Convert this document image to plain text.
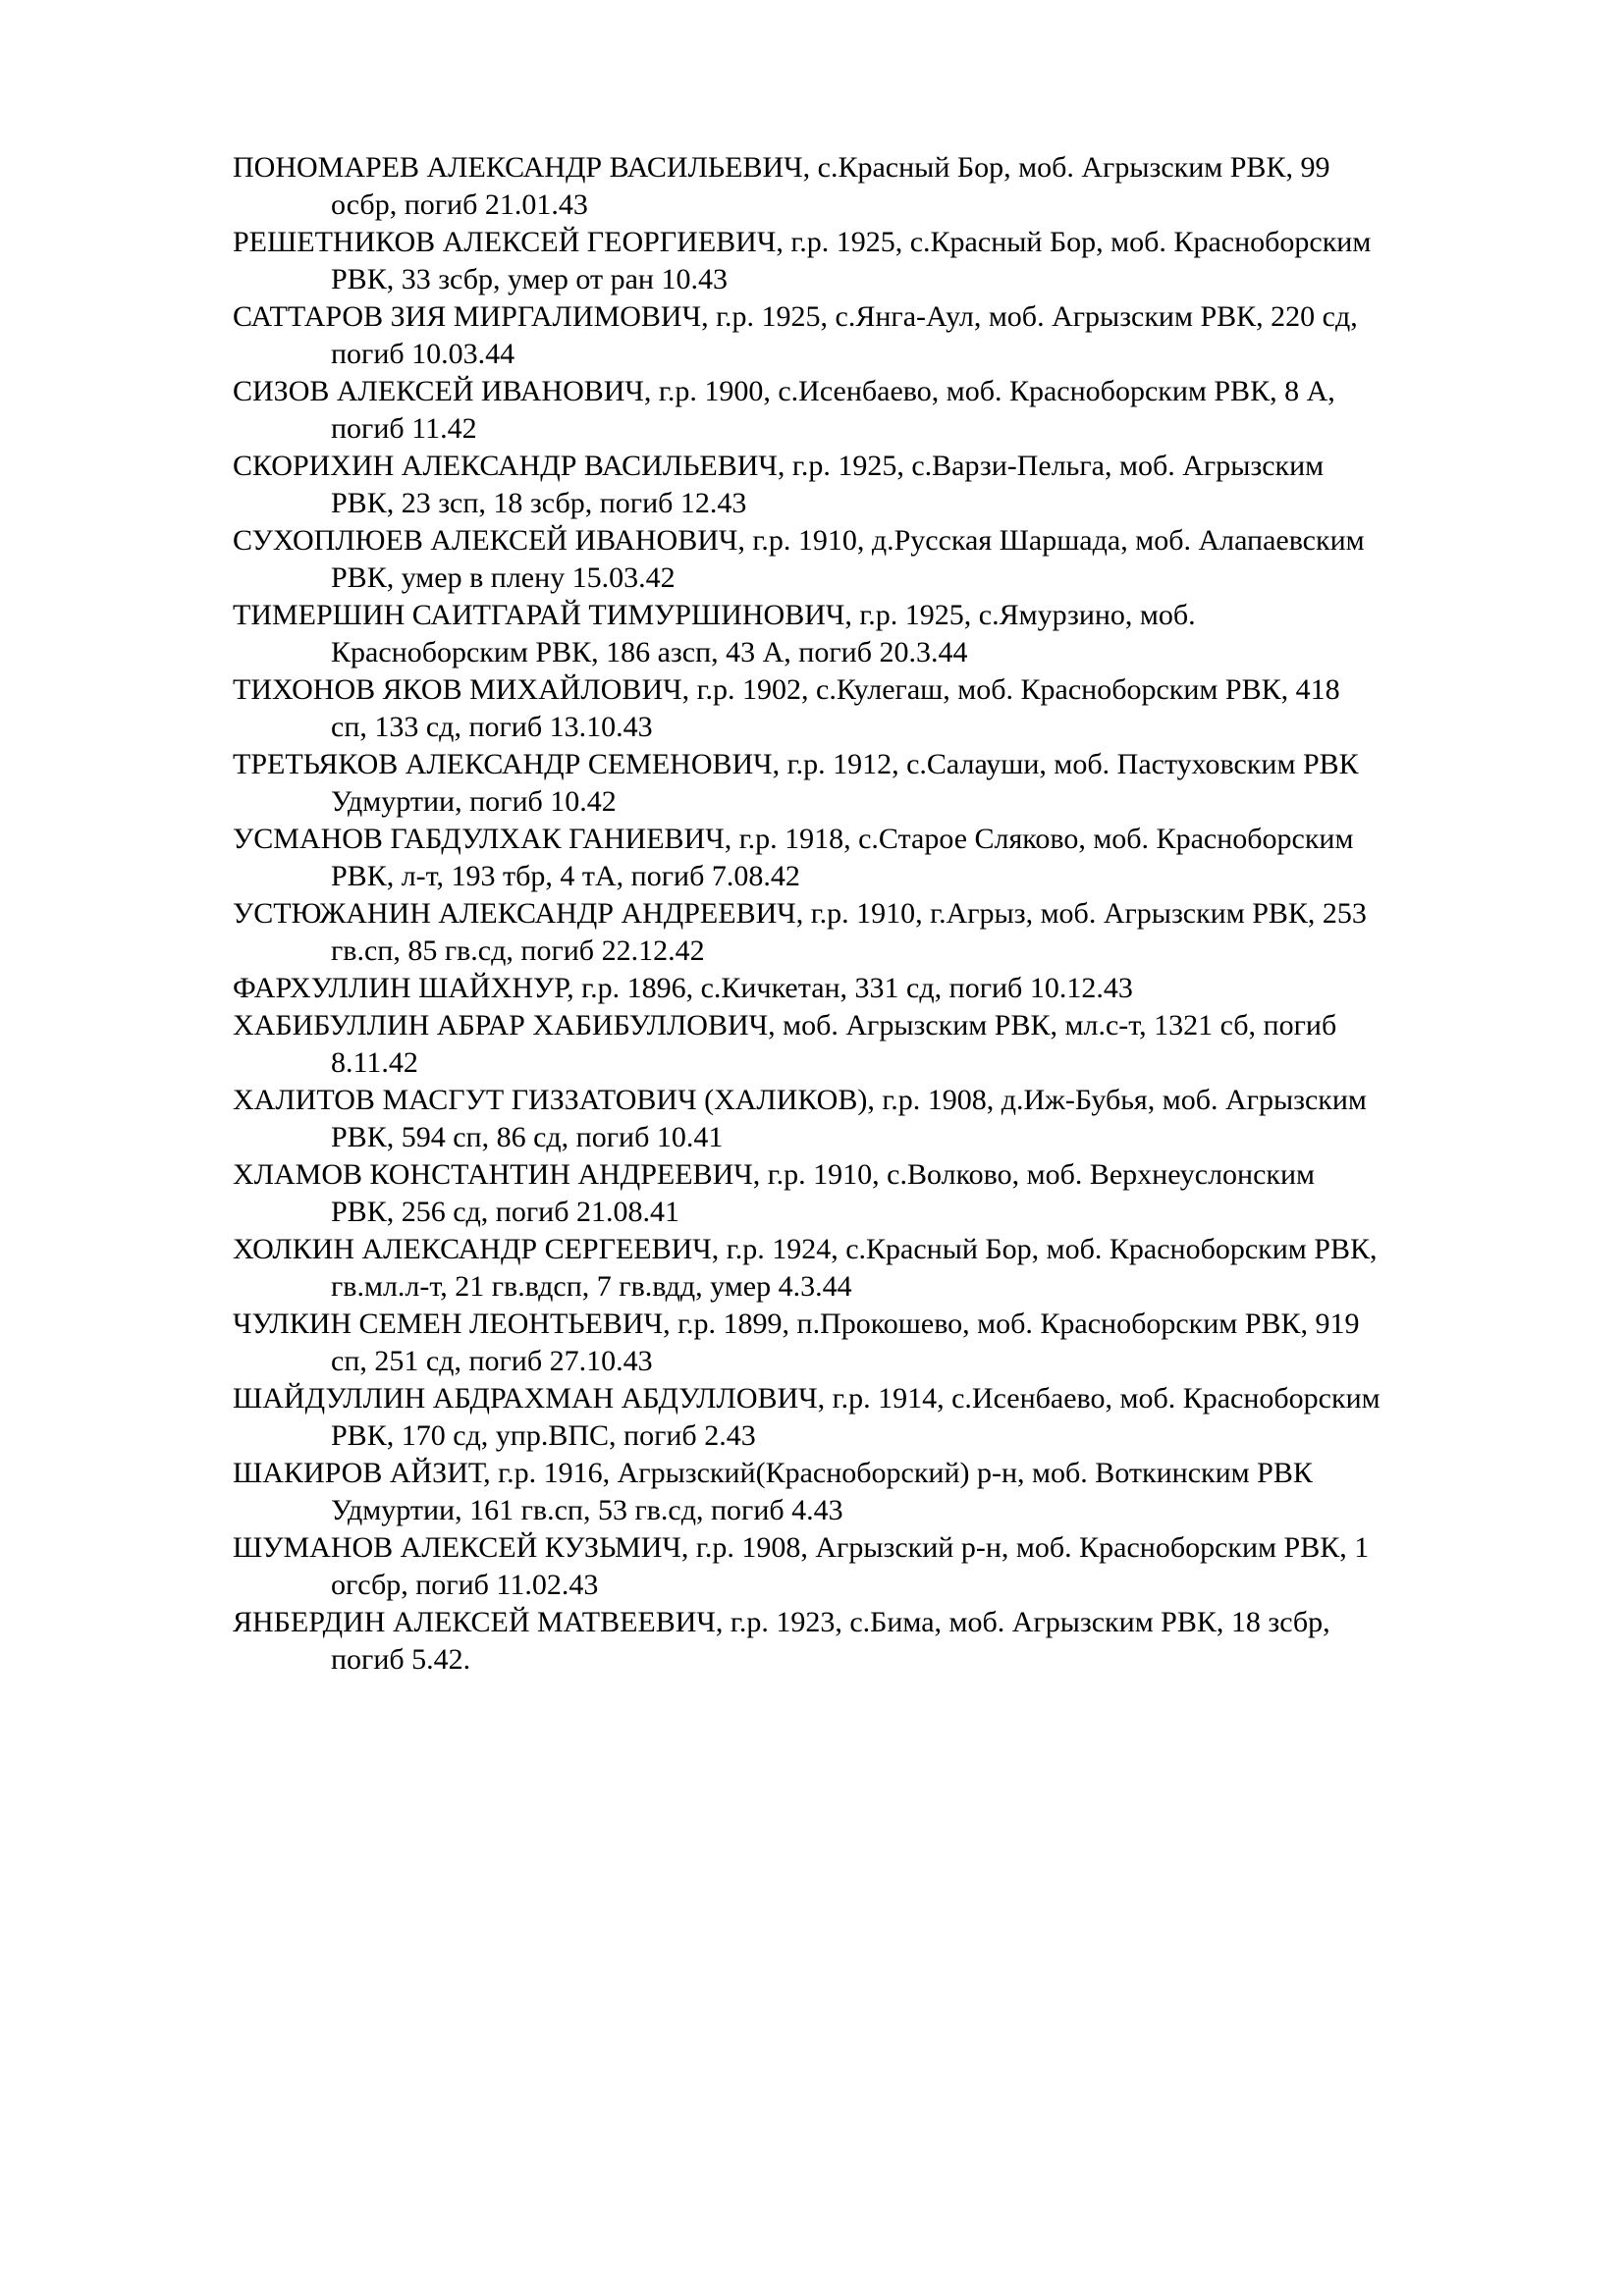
ПОНОМАРЕВ АЛЕКСАНДР ВАСИЛЬЕВИЧ, с.Красный Бор, моб. Агрызским РВК, 99
осбр, погиб 21.01.43

РЕШЕТНИКОВ АЛЕКСЕЙ ГЕОРГИЕВИЧ, г.р. 1925, с.Красный Бор, моб. Красноборским
РВК, 33 зсбр, умер от ран 10.43

САТТАРОВ ЗИЯ МИРГАЛИМОВИЧ, г.р. 1925, с.Янга-Аул, моб. Агрызским РВК, 220 сд,
погиб 10.03.44

СИЗОВ АЛЕКСЕЙ ИВАНОВИЧ, г.р. 1900, с.Исенбаево, моб. Красноборским РВК, 8 А,
погиб 11.42

СКОРИХИН АЛЕКСАНДР ВАСИЛЬЕВИЧ, г.р. 1925, с.Варзи-Пельга, моб. Агрызским
РВК, 23 зсп, 18 зсбр, погиб 12.43

СУХОПЛЮЕВ АЛЕКСЕЙ ИВАНОВИЧ, г.р. 1910, д.Русская Шаршада, моб. Алапаевским
РВК, умер в плену 15.03.42

ТИМЕРШИН САИТГАРАЙ ТИМУРШИНОВИЧ, г.р. 1925, с.Ямурзино, моб.
Красноборским РВК, 186 азсп, 43 А, погиб 20.3.44

ТИХОНОВ ЯКОВ МИХАЙЛОВИЧ, г.р. 1902, с.Кулегаш, моб. Красноборским РВК, 418
сп, 133 сд, погиб 13.10.43

ТРЕТЬЯКОВ АЛЕКСАНДР СЕМЕНОВИЧ, г.р. 1912, с.Салауши, моб. Пастуховским РВК
Удмуртии, погиб 10.42

УСМАНОВ ГАБДУЛХАК ГАНИЕВИЧ, г.р. 1918, с.Старое Сляково, моб. Красноборским
РВК, л-т, 193 тбр, 4 тА, погиб 7.08.42

УСТЮЖАНИН АЛЕКСАНДР АНДРЕЕВИЧ, г.р. 1910, г.Агрыз, моб. Агрызским РВК, 253
гв.сп, 85 гв.сд, погиб 22.12.42

ФАРХУЛЛИН ШАЙХНУР, г.р. 1896, с.Кичкетан, 331 сд, погиб 10.12.43

ХАБИБУЛЛИН АБРАР ХАБИБУЛЛОВИЧ, моб. Агрызским РВК, мл.с-т, 1321 сб, погиб
8.11.42

ХАЛИТОВ МАСГУТ ГИЗЗАТОВИЧ (ХАЛИКОВ), г.р. 1908, д.Иж-Бубья, моб. Агрызским
РВК, 594 сп, 86 сд, погиб 10.41

ХЛАМОВ КОНСТАНТИН АНДРЕЕВИЧ, г.р. 1910, с.Волково, моб. Верхнеуслонским
РВК, 256 сд, погиб 21.08.41

ХОЛКИН АЛЕКСАНДР СЕРГЕЕВИЧ, г.р. 1924, с.Красный Бор, моб. Красноборским РВК,
гв.мл.л-т, 21 гв.вдсп, 7 гв.вдд, умер 4.3.44

ЧУЛКИН СЕМЕН ЛЕОНТЬЕВИЧ, г.р. 1899, п.Прокошево, моб. Красноборским РВК, 919
сп, 251 сд, погиб 27.10.43

ШАЙДУЛЛИН АБДРАХМАН АБДУЛЛОВИЧ, г.р. 1914, с.Исенбаево, моб. Красноборским
РВК, 170 сд, упр.ВПС, погиб 2.43

ШАКИРОВ АЙЗИТ, г.р. 1916, Агрызский(Красноборский) р-н, моб. Воткинским РВК
Удмуртии, 161 гв.сп, 53 гв.сд, погиб 4.43

ШУМАНОВ АЛЕКСЕЙ КУЗЬМИЧ, г.р. 1908, Агрызский р-н, моб. Красноборским РВК, 1
огсбр, погиб 11.02.43

ЯНБЕРДИН АЛЕКСЕЙ МАТВЕЕВИЧ, г.р. 1923, с.Бима, моб. Агрызским РВК, 18 зсбр,
погиб 5.42.
